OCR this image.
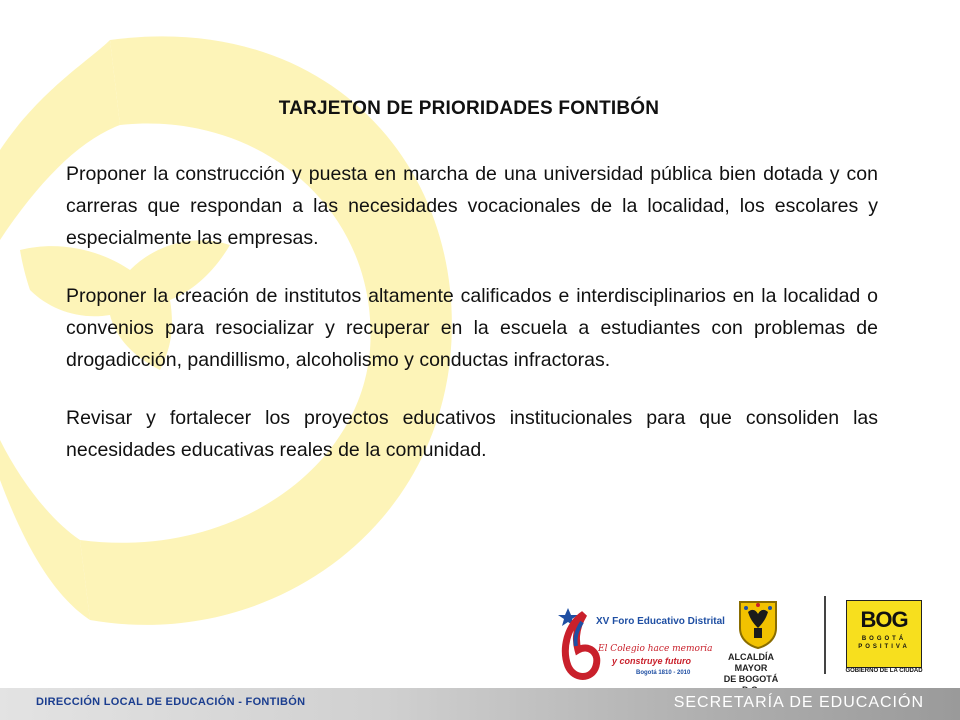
TARJETON DE PRIORIDADES FONTIBÓN

Proponer la construcción y puesta en marcha de una universidad pública bien dotada y con carreras que respondan a las necesidades vocacionales de la localidad, los escolares y especialmente las empresas.

Proponer la creación de institutos altamente calificados e interdisciplinarios en la localidad o convenios para resocializar y recuperar en la escuela a estudiantes con problemas de drogadicción, pandillismo, alcoholismo y conductas infractoras.

Revisar y fortalecer los proyectos educativos institucionales para que consoliden las necesidades educativas reales de la comunidad.

XV Foro Educativo Distrital
El Colegio hace memoria
y construye futuro
Bogotá 1810 - 2010
ALCALDÍA MAYOR
DE BOGOTÁ
BOG
BOGOTÁ
POSITIVA
GOBIERNO DE LA CIUDAD
DIRECCIÓN LOCAL DE EDUCACIÓN - FONTIBÓN	SECRETARÍA DE EDUCACIÓN
